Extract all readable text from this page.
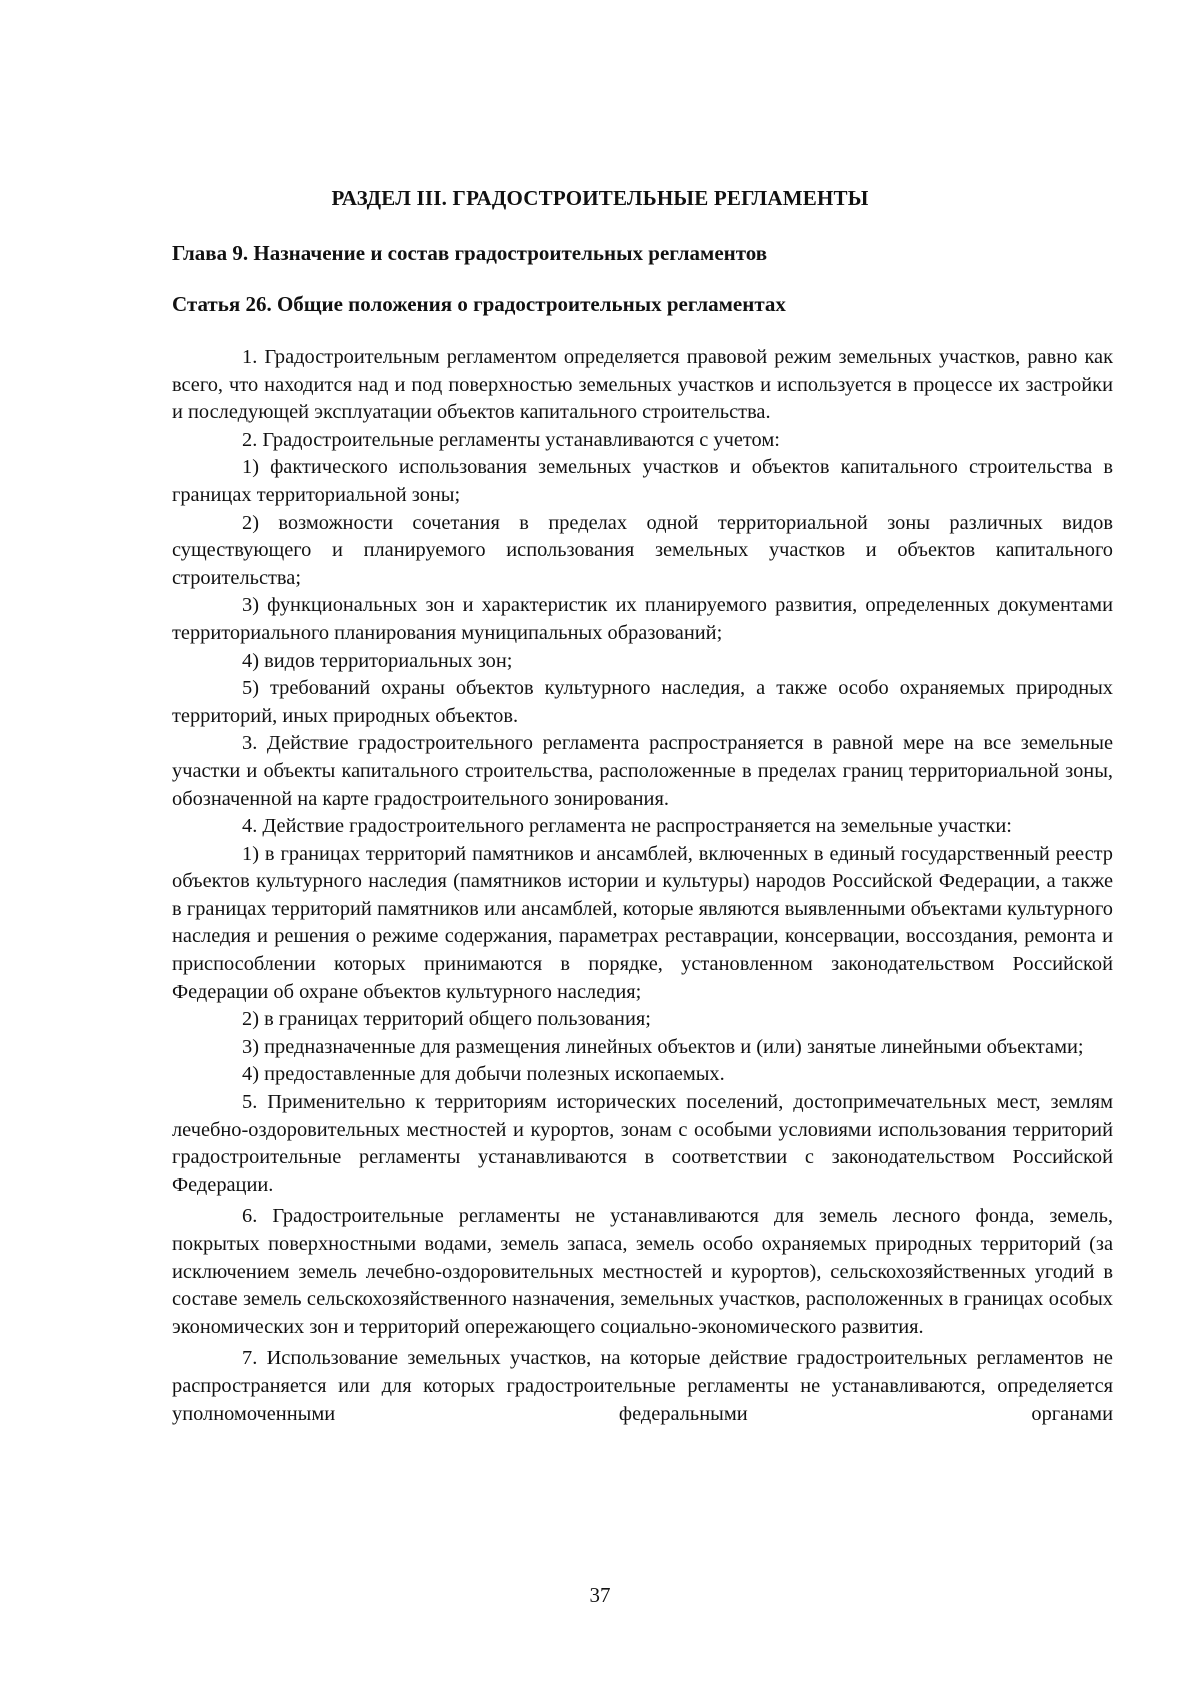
РАЗДЕЛ III. ГРАДОСТРОИТЕЛЬНЫЕ РЕГЛАМЕНТЫ
Глава 9. Назначение и состав градостроительных регламентов
Статья 26. Общие положения о градостроительных регламентах

1. Градостроительным регламентом определяется правовой режим земельных участков, равно как всего, что находится над и под поверхностью земельных участков и используется в процессе их застройки и последующей эксплуатации объектов капитального строительства.

2. Градостроительные регламенты устанавливаются с учетом:

1) фактического использования земельных участков и объектов капитального строительства в границах территориальной зоны;

2) возможности сочетания в пределах одной территориальной зоны различных видов существующего и планируемого использования земельных участков и объектов капитального строительства;

3) функциональных зон и характеристик их планируемого развития, определенных документами территориального планирования муниципальных образований;

4) видов территориальных зон;

5) требований охраны объектов культурного наследия, а также особо охраняемых природных территорий, иных природных объектов.

3. Действие градостроительного регламента распространяется в равной мере на все земельные участки и объекты капитального строительства, расположенные в пределах границ территориальной зоны, обозначенной на карте градостроительного зонирования.

4. Действие градостроительного регламента не распространяется на земельные участки:

1) в границах территорий памятников и ансамблей, включенных в единый государственный реестр объектов культурного наследия (памятников истории и культуры) народов Российской Федерации, а также в границах территорий памятников или ансамблей, которые являются выявленными объектами культурного наследия и решения о режиме содержания, параметрах реставрации, консервации, воссоздания, ремонта и приспособлении которых принимаются в порядке, установленном законодательством Российской Федерации об охране объектов культурного наследия;

2) в границах территорий общего пользования;

3) предназначенные для размещения линейных объектов и (или) занятые линейными объектами;

4) предоставленные для добычи полезных ископаемых.

5. Применительно к территориям исторических поселений, достопримечательных мест, землям лечебно-оздоровительных местностей и курортов, зонам с особыми условиями использования территорий градостроительные регламенты устанавливаются в соответствии с законодательством Российской Федерации.

6. Градостроительные регламенты не устанавливаются для земель лесного фонда, земель, покрытых поверхностными водами, земель запаса, земель особо охраняемых природных территорий (за исключением земель лечебно-оздоровительных местностей и курортов), сельскохозяйственных угодий в составе земель сельскохозяйственного назначения, земельных участков, расположенных в границах особых экономических зон и территорий опережающего социально-экономического развития.

7. Использование земельных участков, на которые действие градостроительных регламентов не распространяется или для которых градостроительные регламенты не устанавливаются, определяется уполномоченными федеральными органами

37
